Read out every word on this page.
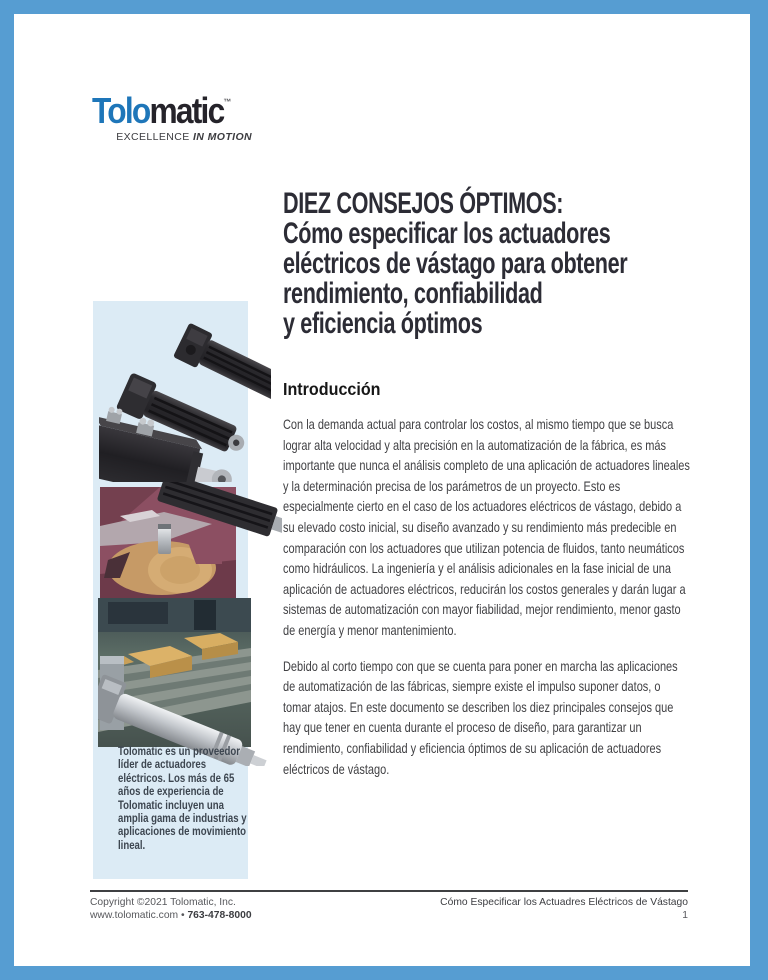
Tolomatic™
EXCELLENCE IN MOTION
Tolomatic es un proveedor líder de actuadores eléctricos. Los más de 65 años de experiencia de Tolomatic incluyen una amplia gama de industrias y aplicaciones de movimiento lineal.
DIEZ CONSEJOS ÓPTIMOS:
Cómo especificar los actuadores
eléctricos de vástago para obtener
rendimiento, confiabilidad
y eficiencia óptimos
Introducción
Con la demanda actual para controlar los costos, al mismo tiempo que se busca lograr alta velocidad y alta precisión en la automatización de la fábrica, es más importante que nunca el análisis completo de una aplicación de actuadores lineales y la determinación precisa de los parámetros de un proyecto. Esto es especialmente cierto en el caso de los actuadores eléctricos de vástago, debido a su elevado costo inicial, su diseño avanzado y su rendimiento más predecible en comparación con los actuadores que utilizan potencia de fluidos, tanto neumáticos como hidráulicos. La ingeniería y el análisis adicionales en la fase inicial de una aplicación de actuadores eléctricos, reducirán los costos generales y darán lugar a sistemas de automatización con mayor fiabilidad, mejor rendimiento, menor gasto de energía y menor mantenimiento.
Debido al corto tiempo con que se cuenta para poner en marcha las aplicaciones de automatización de las fábricas, siempre existe el impulso suponer datos, o tomar atajos. En este documento se describen los diez principales consejos que hay que tener en cuenta durante el proceso de diseño, para garantizar un rendimiento, confiabilidad y eficiencia óptimos de su aplicación de actuadores eléctricos de vástago.
Copyright ©2021 Tolomatic, Inc.
www.tolomatic.com • 763-478-8000
Cómo Especificar los Actuadres Eléctricos de Vástago
1
